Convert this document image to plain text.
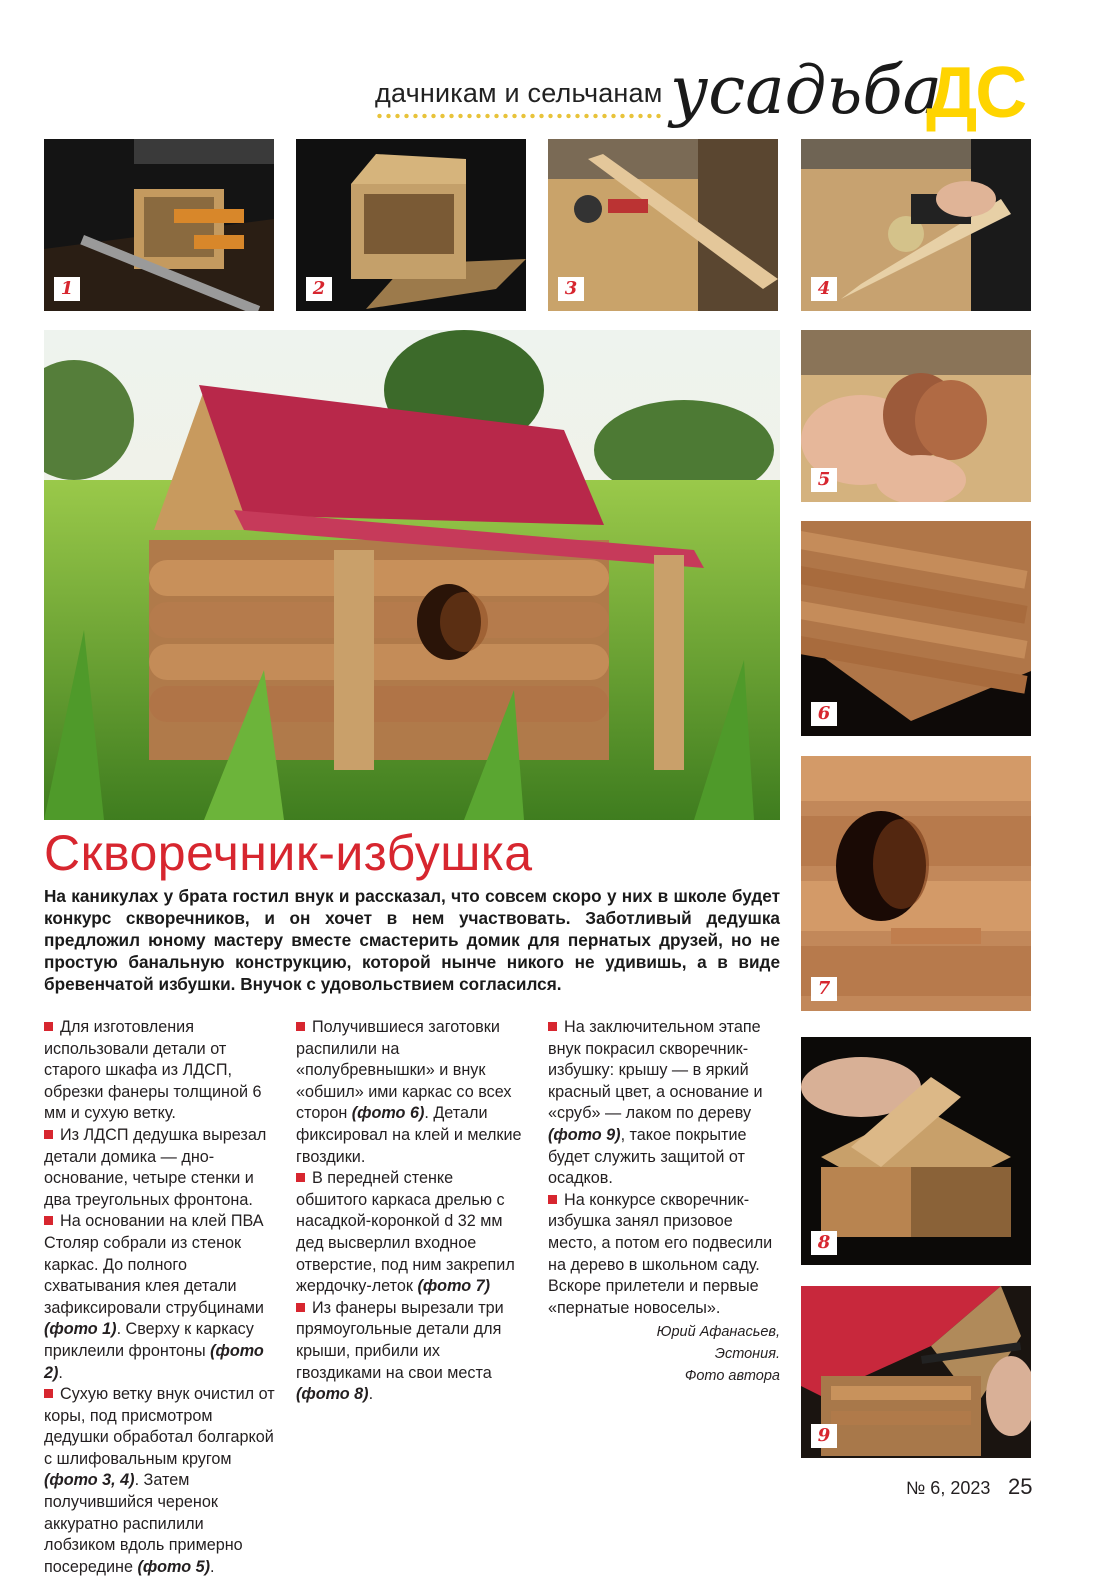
дачникам и сельчанам усадьба
ДС
1	2	3	4
5
6
7
8
9
Скворечник-избушка
На каникулах у брата гостил внук и рассказал, что совсем скоро у них в школе будет конкурс скворечников, и он хочет в нем участвовать. Заботливый дедушка предложил юному мастеру вместе смастерить домик для пернатых друзей, но не простую банальную конструкцию, которой нынче никого не удивишь, а в виде бревенчатой избушки. Внучок с удовольствием согласился.

Для изготовления использовали детали от старого шкафа из ЛДСП, обрезки фанеры толщиной 6 мм и сухую ветку.

Из ЛДСП дедушка вырезал детали домика — дно-основание, четыре стенки и два треугольных фронтона.

На основании на клей ПВА Столяр собрали из стенок каркас. До полного схватывания клея детали зафиксировали струбцинами (фото 1). Сверху к каркасу приклеили фронтоны (фото 2).

Сухую ветку внук очистил от коры, под присмотром дедушки обработал болгаркой с шлифовальным кругом (фото 3, 4). Затем получившийся черенок аккуратно распилили лобзиком вдоль примерно посередине (фото 5).

Получившиеся заготовки распилили на «полубревнышки» и внук «обшил» ими каркас со всех сторон (фото 6). Детали фиксировал на клей и мелкие гвоздики.

В передней стенке обшитого каркаса дрелью с насадкой-коронкой d 32 мм дед высверлил входное отверстие, под ним закрепил жердочку-леток (фото 7)

Из фанеры вырезали три прямоугольные детали для крыши, прибили их гвоздиками на свои места (фото 8).

На заключительном этапе внук покрасил скворечник-избушку: крышу — в яркий красный цвет, а основание и «сруб» — лаком по дереву (фото 9), такое покрытие будет служить защитой от осадков.

На конкурсе скворечник-избушка занял призовое место, а потом его подвесили на дерево в школьном саду. Вскоре прилетели и первые «пернатые новоселы».

Юрий Афанасьев,
Эстония.
Фото автора
№ 6, 2023 25
